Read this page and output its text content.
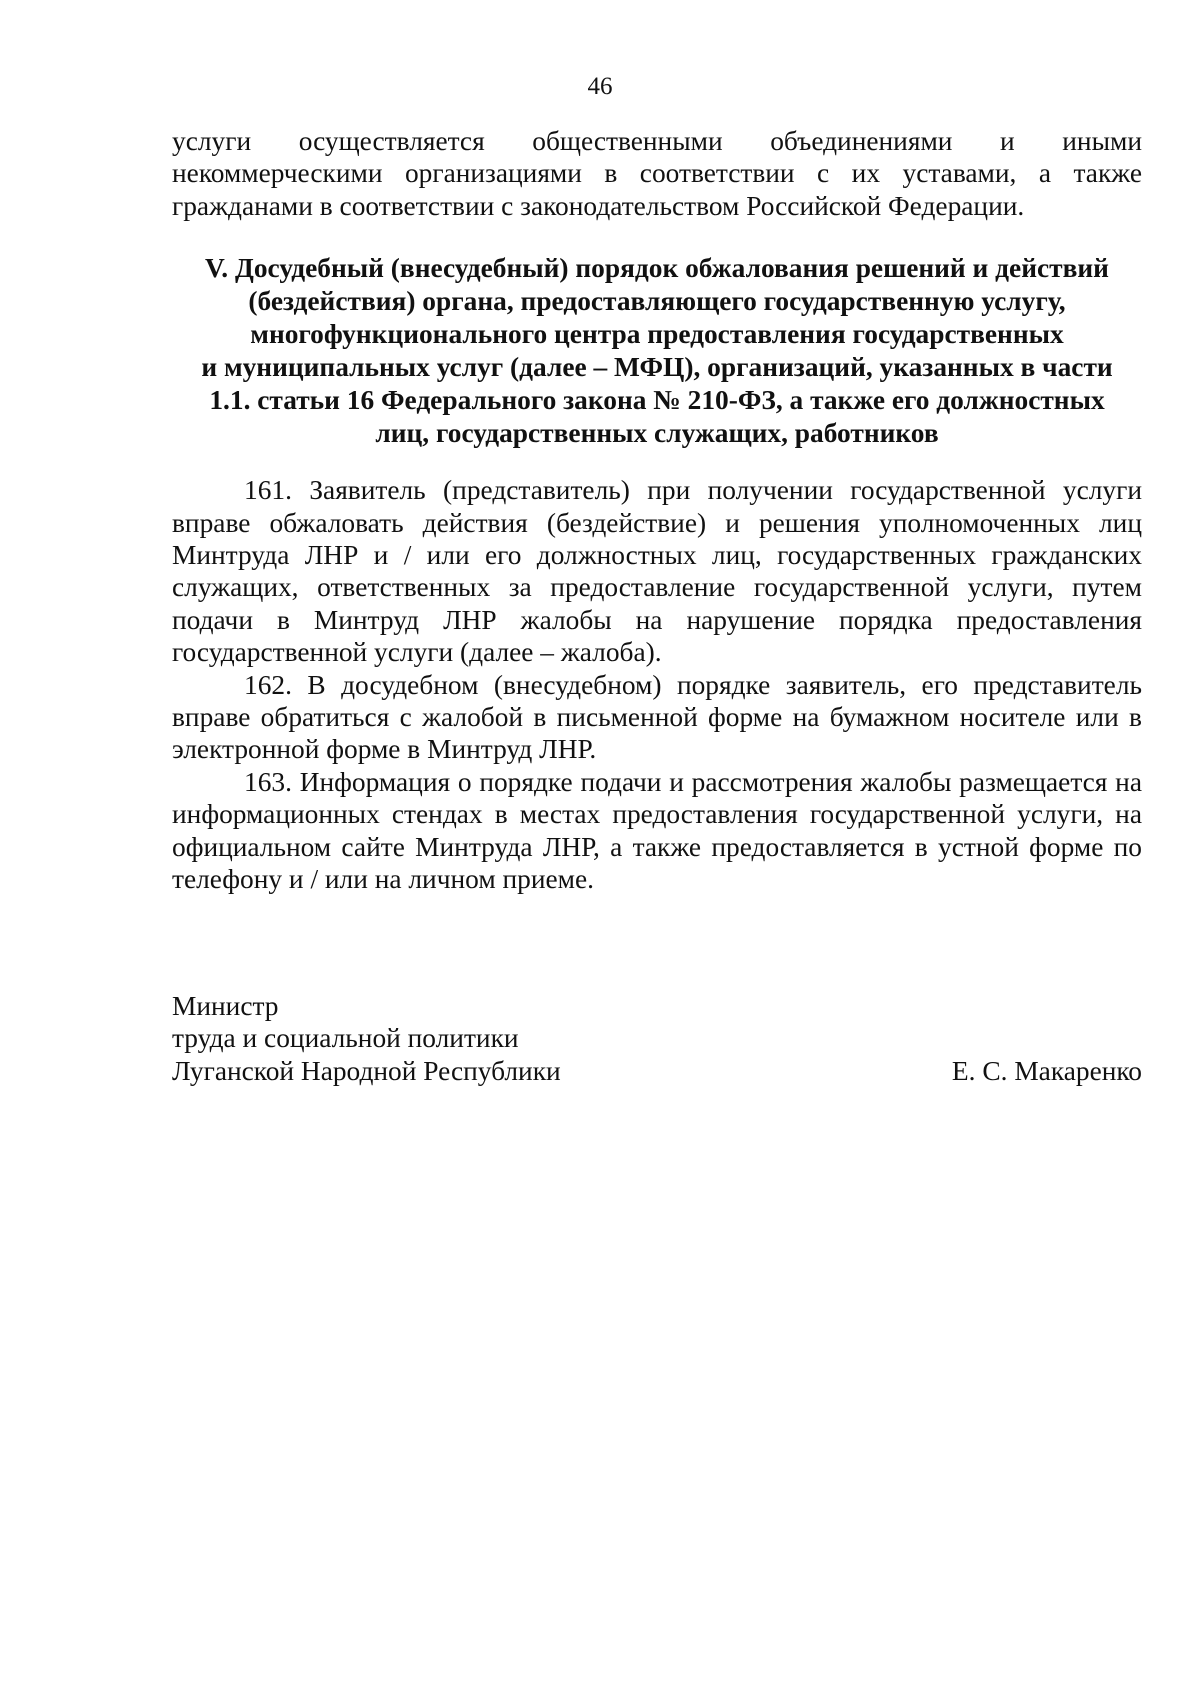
46

услуги осуществляется общественными объединениями и иными некоммерческими организациями в соответствии с их уставами, а также гражданами в соответствии с законодательством Российской Федерации.

V. Досудебный (внесудебный) порядок обжалования решений и действий
(бездействия) органа, предоставляющего государственную услугу,
многофункционального центра предоставления государственных
и муниципальных услуг (далее – МФЦ), организаций, указанных в части
1.1. статьи 16 Федерального закона № 210-ФЗ, а также его должностных
лиц, государственных служащих, работников

161. Заявитель (представитель) при получении государственной услуги вправе обжаловать действия (бездействие) и решения уполномоченных лиц Минтруда ЛНР и / или его должностных лиц, государственных гражданских служащих, ответственных за предоставление государственной услуги, путем подачи в Минтруд ЛНР жалобы на нарушение порядка предоставления государственной услуги (далее – жалоба).

162. В досудебном (внесудебном) порядке заявитель, его представитель вправе обратиться с жалобой в письменной форме на бумажном носителе или в электронной форме в Минтруд ЛНР.

163. Информация о порядке подачи и рассмотрения жалобы размещается на информационных стендах в местах предоставления государственной услуги, на официальном сайте Минтруда ЛНР, а также предоставляется в устной форме по телефону и / или на личном приеме.

Министр
труда и социальной политики
Луганской Народной Республики	Е. С. Макаренко
